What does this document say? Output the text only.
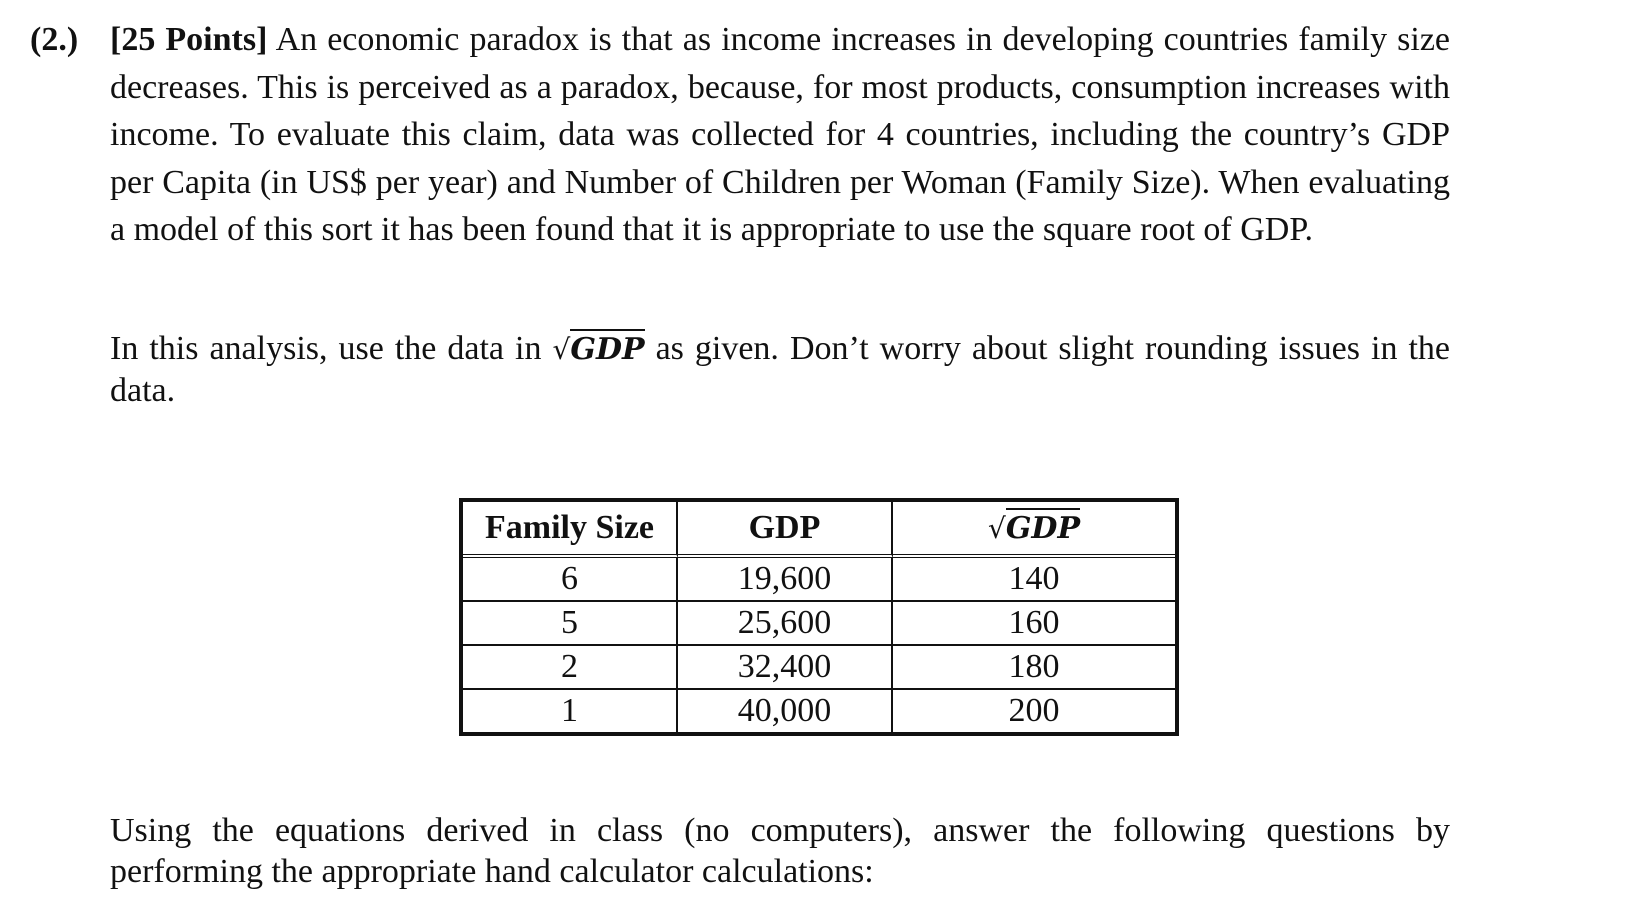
(2.) [25 Points] An economic paradox is that as income increases in developing countries family size decreases. This is perceived as a paradox, because, for most products, consumption increases with income. To evaluate this claim, data was collected for 4 countries, including the country’s GDP per Capita (in US$ per year) and Number of Children per Woman (Family Size). When evaluating a model of this sort it has been found that it is appropriate to use the square root of GDP.
In this analysis, use the data in √GDP as given. Don’t worry about slight rounding issues in the data.
Family Size	GDP	√GDP
6	19,600	140
5	25,600	160
2	32,400	180
1	40,000	200
Using the equations derived in class (no computers), answer the following questions by performing the appropriate hand calculator calculations:
